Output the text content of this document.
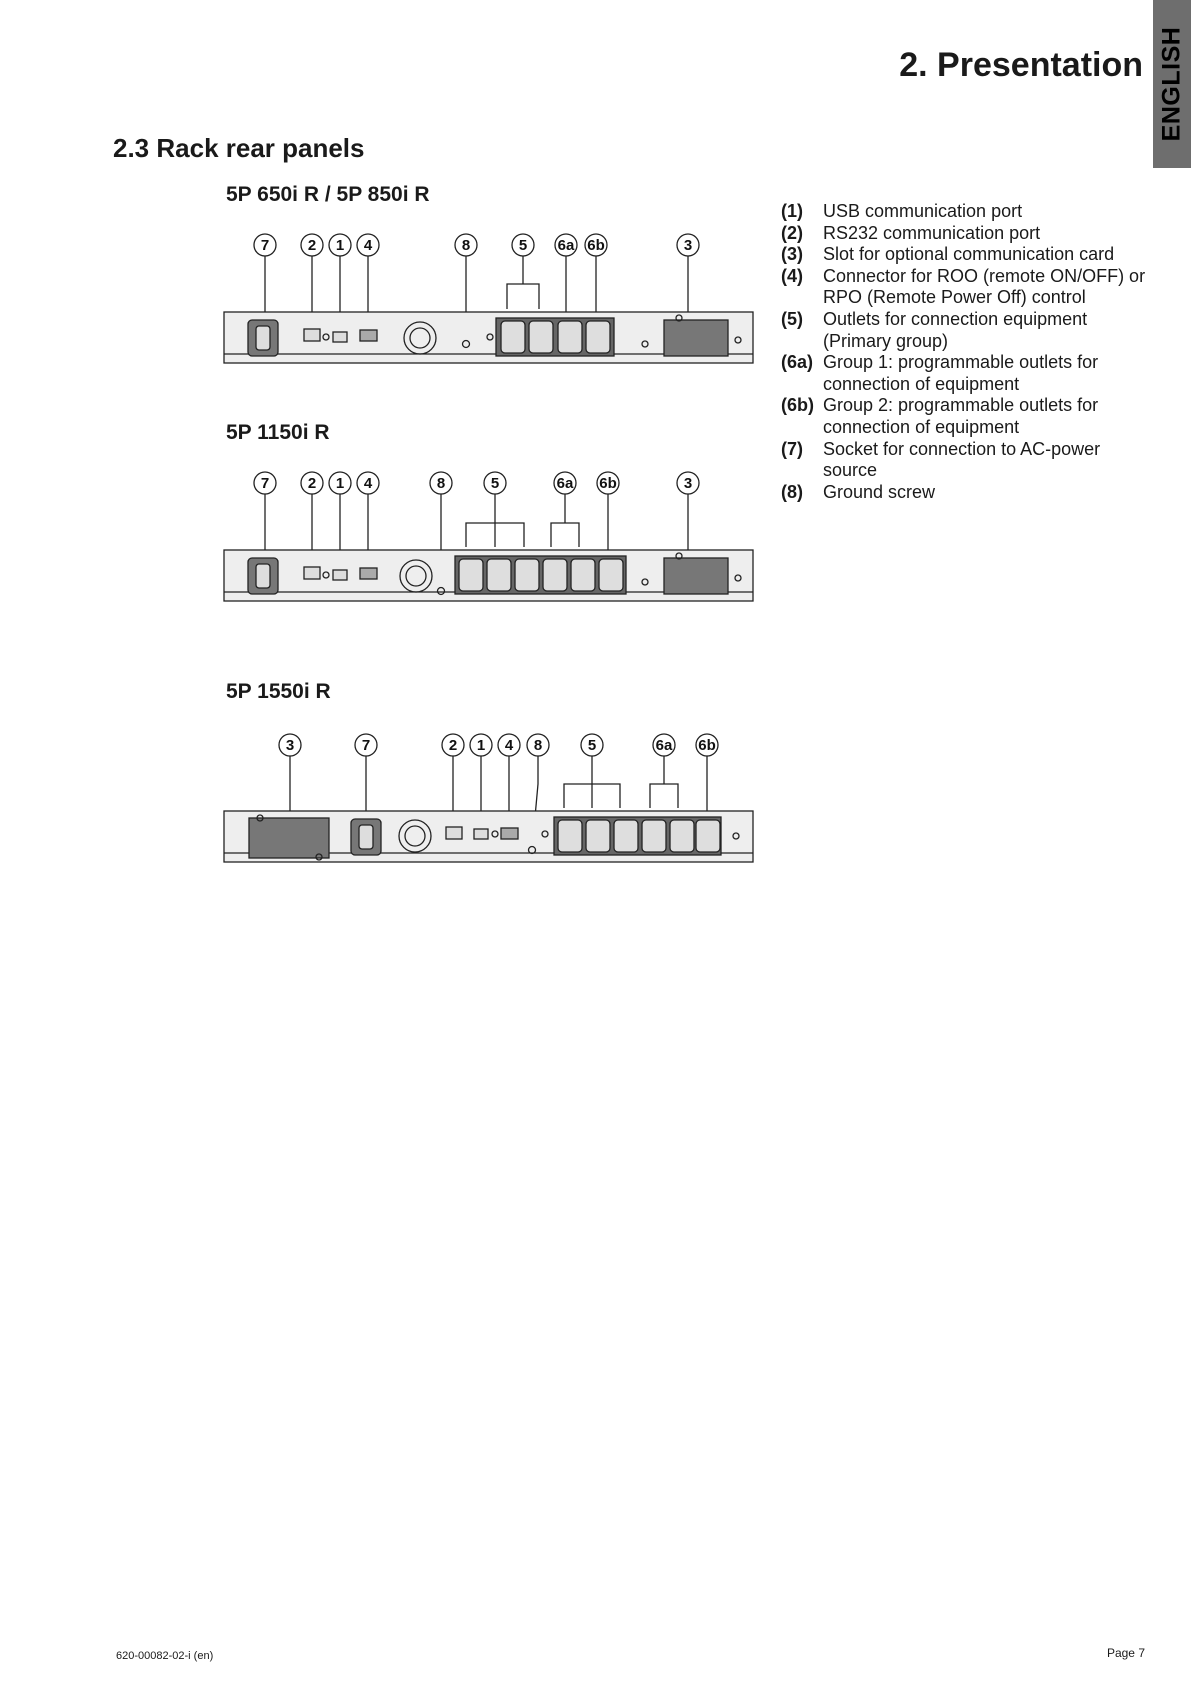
ENGLISH
2. Presentation
2.3 Rack rear panels
5P 650i R / 5P 850i R
7	2 1 4	8	5 6a 6b	3
5P 1150i R
7	2 1 4	8	5	6a 6b	3
5P 1550i R
3	7	2 1 4 8	5	6a 6b
(1)	USB communication port
(2)	RS232 communication port
(3)	Slot for optional communication card
(4)	Connector for ROO (remote ON/OFF) or RPO (Remote Power Off) control
(5)	Outlets for connection equipment (Primary group)
(6a) Group 1: programmable outlets for connection of equipment
(6b) Group 2: programmable outlets for connection of equipment
(7)	Socket for connection to AC-power source
(8)	Ground screw
620-00082-02-i (en)	Page 7
